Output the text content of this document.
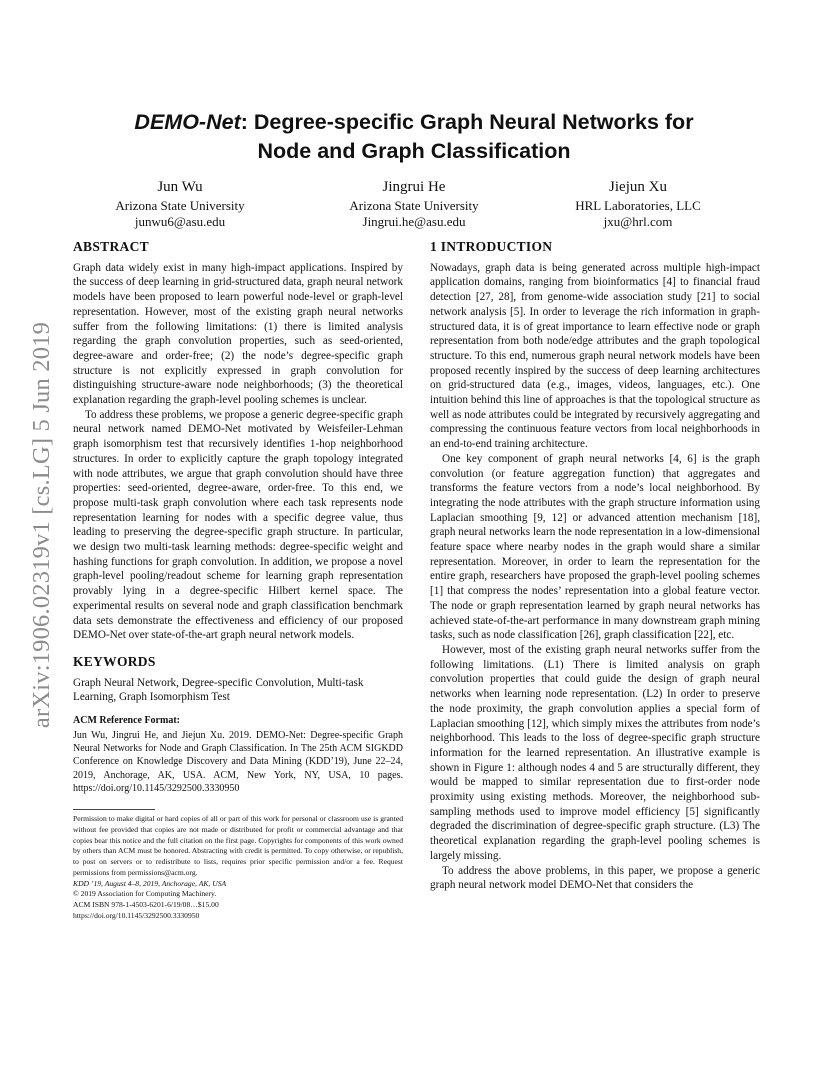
arXiv:1906.02319v1 [cs.LG] 5 Jun 2019
DEMO-Net: Degree-specific Graph Neural Networks for
Node and Graph Classification
Jun Wu
Arizona State University
junwu6@asu.edu
Jingrui He
Arizona State University
Jingrui.he@asu.edu
Jiejun Xu
HRL Laboratories, LLC
jxu@hrl.com
ABSTRACT

Graph data widely exist in many high-impact applications. Inspired by the success of deep learning in grid-structured data, graph neural network models have been proposed to learn powerful node-level or graph-level representation. However, most of the existing graph neural networks suffer from the following limitations: (1) there is limited analysis regarding the graph convolution properties, such as seed-oriented, degree-aware and order-free; (2) the node’s degree-specific graph structure is not explicitly expressed in graph convolution for distinguishing structure-aware node neighborhoods; (3) the theoretical explanation regarding the graph-level pooling schemes is unclear.

To address these problems, we propose a generic degree-specific graph neural network named DEMO-Net motivated by Weisfeiler-Lehman graph isomorphism test that recursively identifies 1-hop neighborhood structures. In order to explicitly capture the graph topology integrated with node attributes, we argue that graph convolution should have three properties: seed-oriented, degree-aware, order-free. To this end, we propose multi-task graph convolution where each task represents node representation learning for nodes with a specific degree value, thus leading to preserving the degree-specific graph structure. In particular, we design two multi-task learning methods: degree-specific weight and hashing functions for graph convolution. In addition, we propose a novel graph-level pooling/readout scheme for learning graph representation provably lying in a degree-specific Hilbert kernel space. The experimental results on several node and graph classification benchmark data sets demonstrate the effectiveness and efficiency of our proposed DEMO-Net over state-of-the-art graph neural network models.

KEYWORDS

Graph Neural Network, Degree-specific Convolution, Multi-task Learning, Graph Isomorphism Test

ACM Reference Format:

Jun Wu, Jingrui He, and Jiejun Xu. 2019. DEMO-Net: Degree-specific Graph Neural Networks for Node and Graph Classification. In The 25th ACM SIGKDD Conference on Knowledge Discovery and Data Mining (KDD’19), June 22–24, 2019, Anchorage, AK, USA. ACM, New York, NY, USA, 10 pages. https://doi.org/10.1145/3292500.3330950

Permission to make digital or hard copies of all or part of this work for personal or classroom use is granted without fee provided that copies are not made or distributed for profit or commercial advantage and that copies bear this notice and the full citation on the first page. Copyrights for components of this work owned by others than ACM must be honored. Abstracting with credit is permitted. To copy otherwise, or republish, to post on servers or to redistribute to lists, requires prior specific permission and/or a fee. Request permissions from permissions@acm.org.
KDD ’19, August 4–8, 2019, Anchorage, AK, USA
© 2019 Association for Computing Machinery.
ACM ISBN 978-1-4503-6201-6/19/08…$15.00
https://doi.org/10.1145/3292500.3330950
1 INTRODUCTION

Nowadays, graph data is being generated across multiple high-impact application domains, ranging from bioinformatics [4] to financial fraud detection [27, 28], from genome-wide association study [21] to social network analysis [5]. In order to leverage the rich information in graph-structured data, it is of great importance to learn effective node or graph representation from both node/edge attributes and the graph topological structure. To this end, numerous graph neural network models have been proposed recently inspired by the success of deep learning architectures on grid-structured data (e.g., images, videos, languages, etc.). One intuition behind this line of approaches is that the topological structure as well as node attributes could be integrated by recursively aggregating and compressing the continuous feature vectors from local neighborhoods in an end-to-end training architecture.

One key component of graph neural networks [4, 6] is the graph convolution (or feature aggregation function) that aggregates and transforms the feature vectors from a node’s local neighborhood. By integrating the node attributes with the graph structure information using Laplacian smoothing [9, 12] or advanced attention mechanism [18], graph neural networks learn the node representation in a low-dimensional feature space where nearby nodes in the graph would share a similar representation. Moreover, in order to learn the representation for the entire graph, researchers have proposed the graph-level pooling schemes [1] that compress the nodes’ representation into a global feature vector. The node or graph representation learned by graph neural networks has achieved state-of-the-art performance in many downstream graph mining tasks, such as node classification [26], graph classification [22], etc.

However, most of the existing graph neural networks suffer from the following limitations. (L1) There is limited analysis on graph convolution properties that could guide the design of graph neural networks when learning node representation. (L2) In order to preserve the node proximity, the graph convolution applies a special form of Laplacian smoothing [12], which simply mixes the attributes from node’s neighborhood. This leads to the loss of degree-specific graph structure information for the learned representation. An illustrative example is shown in Figure 1: although nodes 4 and 5 are structurally different, they would be mapped to similar representation due to first-order node proximity using existing methods. Moreover, the neighborhood sub-sampling methods used to improve model efficiency [5] significantly degraded the discrimination of degree-specific graph structure. (L3) The theoretical explanation regarding the graph-level pooling schemes is largely missing.

To address the above problems, in this paper, we propose a generic graph neural network model DEMO-Net that considers the
